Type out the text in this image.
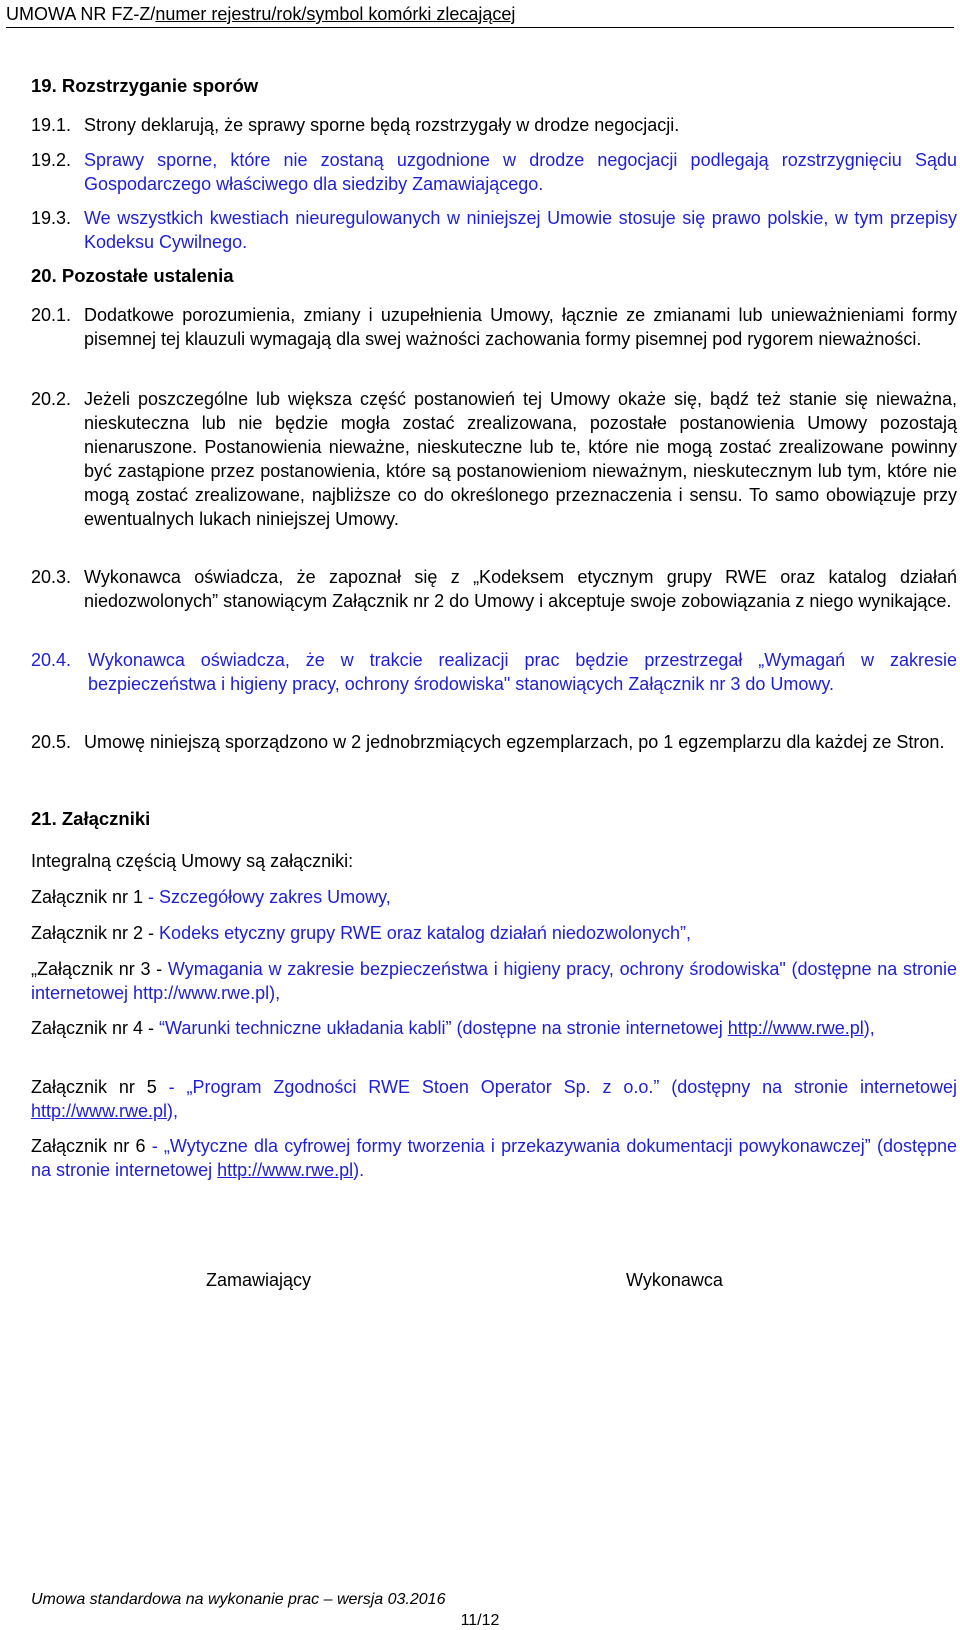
UMOWA NR FZ-Z/numer rejestru/rok/symbol komórki zlecającej
19. Rozstrzyganie sporów
19.1. Strony deklarują, że sprawy sporne będą rozstrzygały w drodze negocjacji.
19.2. Sprawy sporne, które nie zostaną uzgodnione w drodze negocjacji podlegają rozstrzygnięciu Sądu Gospodarczego właściwego dla siedziby Zamawiającego.
19.3. We wszystkich kwestiach nieuregulowanych w niniejszej Umowie stosuje się prawo polskie, w tym przepisy Kodeksu Cywilnego.
20. Pozostałe ustalenia
20.1. Dodatkowe porozumienia, zmiany i uzupełnienia Umowy, łącznie ze zmianami lub unieważnieniami formy pisemnej tej klauzuli wymagają dla swej ważności zachowania formy pisemnej pod rygorem nieważności.
20.2. Jeżeli poszczególne lub większa część postanowień tej Umowy okaże się, bądź też stanie się nieważna, nieskuteczna lub nie będzie mogła zostać zrealizowana, pozostałe postanowienia Umowy pozostają nienaruszone. Postanowienia nieważne, nieskuteczne lub te, które nie mogą zostać zrealizowane powinny być zastąpione przez postanowienia, które są postanowieniom nieważnym, nieskutecznym lub tym, które nie mogą zostać zrealizowane, najbliższe co do określonego przeznaczenia i sensu. To samo obowiązuje przy ewentualnych lukach niniejszej Umowy.
20.3. Wykonawca oświadcza, że zapoznał się z „Kodeksem etycznym grupy RWE oraz katalog działań niedozwolonych” stanowiącym Załącznik nr 2 do Umowy i akceptuje swoje zobowiązania z niego wynikające.
20.4. Wykonawca oświadcza, że w trakcie realizacji prac będzie przestrzegał „Wymagań w zakresie bezpieczeństwa i higieny pracy, ochrony środowiska" stanowiących Załącznik nr 3 do Umowy.
20.5. Umowę niniejszą sporządzono w 2 jednobrzmiących egzemplarzach, po 1 egzemplarzu dla każdej ze Stron.
21. Załączniki
Integralną częścią Umowy są załączniki:
Załącznik nr 1 - Szczegółowy zakres Umowy,
Załącznik nr 2 - Kodeks etyczny grupy RWE oraz katalog działań niedozwolonych”,
„Załącznik nr 3 - Wymagania w zakresie bezpieczeństwa i higieny pracy, ochrony środowiska" (dostępne na stronie internetowej http://www.rwe.pl),
Załącznik nr 4 - “Warunki techniczne układania kabli” (dostępne na stronie internetowej http://www.rwe.pl),
Załącznik nr 5 - „Program Zgodności RWE Stoen Operator Sp. z o.o.” (dostępny na stronie internetowej http://www.rwe.pl),
Załącznik nr 6 - „Wytyczne dla cyfrowej formy tworzenia i przekazywania dokumentacji powykonawczej” (dostępne na stronie internetowej http://www.rwe.pl).
Zamawiający	Wykonawca
Umowa standardowa na wykonanie prac – wersja 03.2016
11/12
